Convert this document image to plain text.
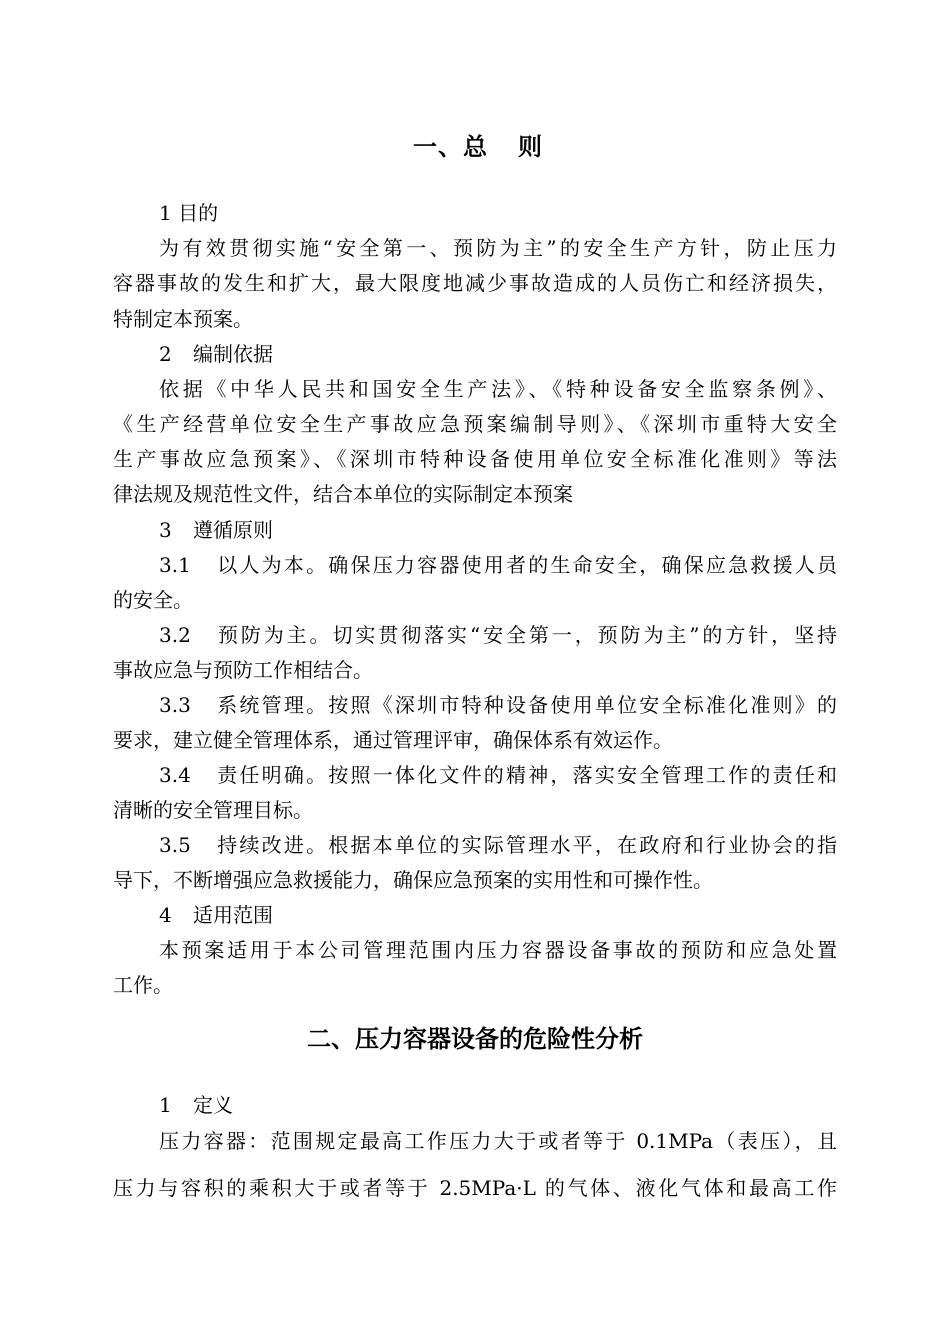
一、总 则
1 目的
为有效贯彻实施“安全第一、预防为主”的安全生产方针，防止压力
容器事故的发生和扩大，最大限度地减少事故造成的人员伤亡和经济损失，
特制定本预案。
2 编制依据
依据《中华人民共和国安全生产法》、《特种设备安全监察条例》、
《生产经营单位安全生产事故应急预案编制导则》、《深圳市重特大安全
生产事故应急预案》、《深圳市特种设备使用单位安全标准化准则》等法
律法规及规范性文件，结合本单位的实际制定本预案
3 遵循原则
3.1 以人为本。确保压力容器使用者的生命安全，确保应急救援人员
的安全。
3.2 预防为主。切实贯彻落实“安全第一，预防为主”的方针，坚持
事故应急与预防工作相结合。
3.3 系统管理。按照《深圳市特种设备使用单位安全标准化准则》的
要求，建立健全管理体系，通过管理评审，确保体系有效运作。
3.4 责任明确。按照一体化文件的精神，落实安全管理工作的责任和
清晰的安全管理目标。
3.5 持续改进。根据本单位的实际管理水平，在政府和行业协会的指
导下，不断增强应急救援能力，确保应急预案的实用性和可操作性。
4 适用范围
本预案适用于本公司管理范围内压力容器设备事故的预防和应急处置
工作。
二、压力容器设备的危险性分析
1 定义
压力容器：范围规定最高工作压力大于或者等于 0.1MPa（表压），且
压力与容积的乘积大于或者等于 2.5MPa·L 的气体、液化气体和最高工作
